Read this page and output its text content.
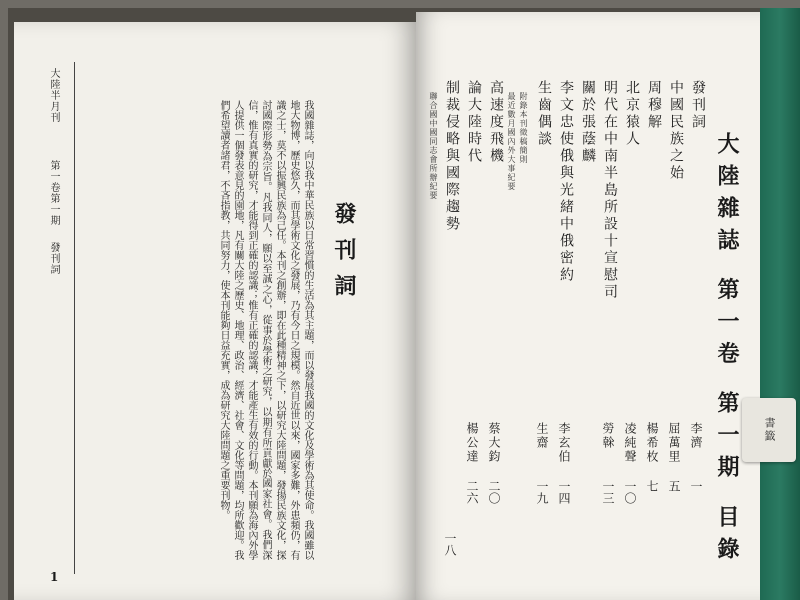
大陸半月刊
第一卷第一期
發刊詞
1
發刊詞
我國雜誌，向以我中華民族以日常習慣的生活為其主題，而以發展我國的文化及學術為其使命。我國雖以地大物博，歷史悠久，而其學術文化之發展，乃有今日之規模。然自近世以來，國家多難，外患頻仍，有識之士，莫不以振興民族為己任。本刊之創辦，即在此種精神之下，以研究大陸問題，發揚民族文化，探討國際形勢為宗旨。凡我同人，願以至誠之心，從事於學術之研究，以期有所貢獻於國家社會。我們深信，惟有真實的研究，才能得到正確的認識；惟有正確的認識，才能產生有效的行動。本刊願為海內外學人提供一個發表意見的園地，凡有關大陸之歷史、地理、政治、經濟、社會、文化等問題，均所歡迎。我們希望讀者諸君，不吝指教，共同努力，使本刊能夠日益充實，成為研究大陸問題之重要刊物。	大陸雜誌 第一卷 第一期 目錄
發刊詞
李濟
一
中國民族之始
屈萬里
五
周穆解
楊希枚
七
北京猿人
凌純聲
一〇
明代在中南半島所設十宣慰司
勞榦
一三
關於張蔭麟
李文忠使俄與光緒中俄密約
李玄伯
一四
生齒偶談
生齋
一九
附錄本刊徵稿簡則
最近數月國內外大事紀要
高速度飛機
蔡大鈞
二〇
論大陸時代
楊公達
二六
制裁侵略與國際趨勢
一八
聯合國中國同志會所辦紀要
書籤
